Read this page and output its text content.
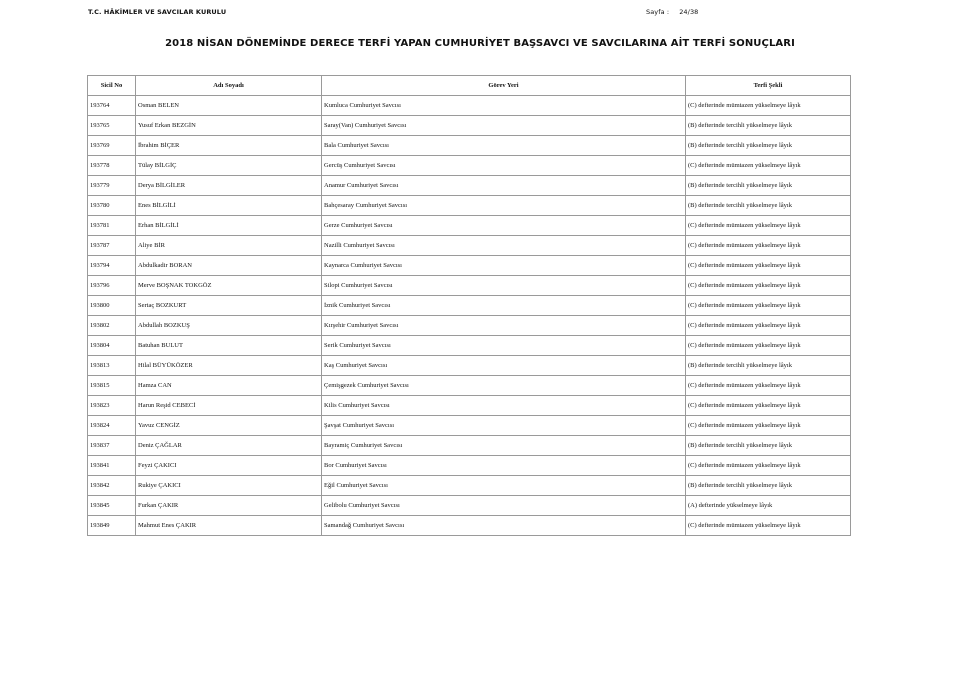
T.C. HÂKİMLER VE SAVCILAR KURULU	Sayfa : 24/38
2018 NİSAN DÖNEMİNDE DERECE TERFİ YAPAN CUMHURİYET BAŞSAVCI VE SAVCILARINA AİT TERFİ SONUÇLARI
Sicil No	Adı Soyadı	Görev Yeri	Terfi Şekli
193764	Osman BELEN	Kumluca Cumhuriyet Savcısı	(C) defterinde mümtazen yükselmeye lâyık
193765	Yusuf Erkan BEZGİN	Saray(Van) Cumhuriyet Savcısı	(B) defterinde tercihli yükselmeye lâyık
193769	İbrahim BİÇER	Bala Cumhuriyet Savcısı	(B) defterinde tercihli yükselmeye lâyık
193778	Tülay BİLGİÇ	Gercüş Cumhuriyet Savcısı	(C) defterinde mümtazen yükselmeye lâyık
193779	Derya BİLGİLER	Anamur Cumhuriyet Savcısı	(B) defterinde tercihli yükselmeye lâyık
193780	Enes BİLGİLİ	Bahçesaray Cumhuriyet Savcısı	(B) defterinde tercihli yükselmeye lâyık
193781	Erhan BİLGİLİ	Gerze Cumhuriyet Savcısı	(C) defterinde mümtazen yükselmeye lâyık
193787	Aliye BİR	Nazilli Cumhuriyet Savcısı	(C) defterinde mümtazen yükselmeye lâyık
193794	Abdulkadir BORAN	Kaynarca Cumhuriyet Savcısı	(C) defterinde mümtazen yükselmeye lâyık
193796	Merve BOŞNAK TOKGÖZ	Silopi Cumhuriyet Savcısı	(C) defterinde mümtazen yükselmeye lâyık
193800	Sertaç BOZKURT	İznik Cumhuriyet Savcısı	(C) defterinde mümtazen yükselmeye lâyık
193802	Abdullah BOZKUŞ	Kırşehir Cumhuriyet Savcısı	(C) defterinde mümtazen yükselmeye lâyık
193804	Batuhan BULUT	Serik Cumhuriyet Savcısı	(C) defterinde mümtazen yükselmeye lâyık
193813	Hilal BÜYÜKÖZER	Kaş Cumhuriyet Savcısı	(B) defterinde tercihli yükselmeye lâyık
193815	Hamza CAN	Çemişgezek Cumhuriyet Savcısı	(C) defterinde mümtazen yükselmeye lâyık
193823	Harun Reşid CEBECİ	Kilis Cumhuriyet Savcısı	(C) defterinde mümtazen yükselmeye lâyık
193824	Yavuz CENGİZ	Şavşat Cumhuriyet Savcısı	(C) defterinde mümtazen yükselmeye lâyık
193837	Deniz ÇAĞLAR	Bayramiç Cumhuriyet Savcısı	(B) defterinde tercihli yükselmeye lâyık
193841	Feyzi ÇAKICI	Bor Cumhuriyet Savcısı	(C) defterinde mümtazen yükselmeye lâyık
193842	Rukiye ÇAKICI	Eğil Cumhuriyet Savcısı	(B) defterinde tercihli yükselmeye lâyık
193845	Furkan ÇAKIR	Gelibolu Cumhuriyet Savcısı	(A) defterinde yükselmeye lâyık
193849	Mahmut Enes ÇAKIR	Samandağ Cumhuriyet Savcısı	(C) defterinde mümtazen yükselmeye lâyık
